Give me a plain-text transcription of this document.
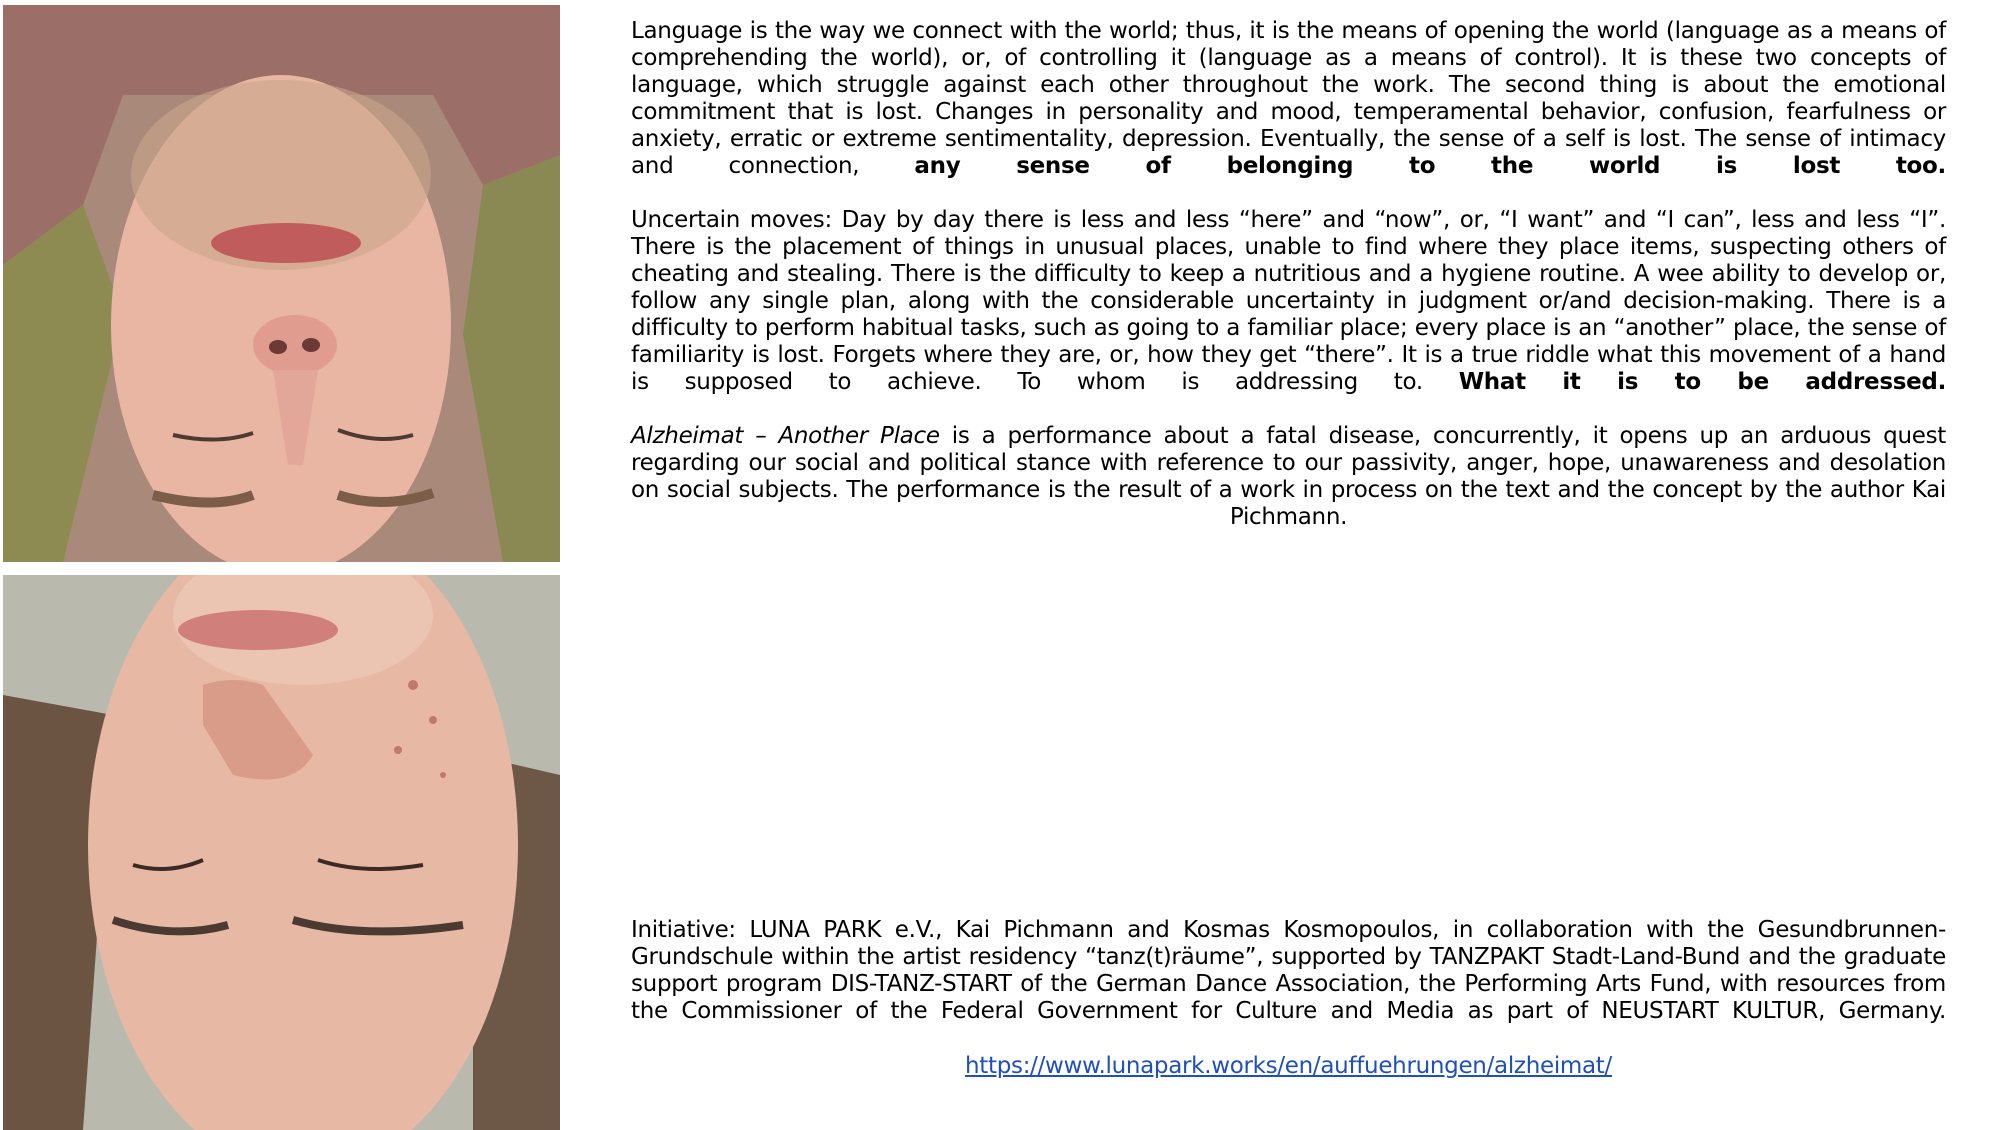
Language is the way we connect with the world; thus, it is the means of opening the world (language as a means of comprehending the world), or, of controlling it (language as a means of control). It is these two concepts of language, which struggle against each other throughout the work. The second thing is about the emotional commitment that is lost. Changes in personality and mood, temperamental behavior, confusion, fearfulness or anxiety, erratic or extreme sentimentality, depression. Eventually, the sense of a self is lost. The sense of intimacy and connection, any sense of belonging to the world is lost too.

Uncertain moves: Day by day there is less and less “here” and “now”, or, “I want” and “I can”, less and less “I”. There is the placement of things in unusual places, unable to find where they place items, suspecting others of cheating and stealing. There is the difficulty to keep a nutritious and a hygiene routine. A wee ability to develop or, follow any single plan, along with the considerable uncertainty in judgment or/and decision-making. There is a difficulty to perform habitual tasks, such as going to a familiar place; every place is an “another” place, the sense of familiarity is lost. Forgets where they are, or, how they get “there”. It is a true riddle what this movement of a hand is supposed to achieve. To whom is addressing to. What it is to be addressed.

Alzheimat – Another Place is a performance about a fatal disease, concurrently, it opens up an arduous quest regarding our social and political stance with reference to our passivity, anger, hope, unawareness and desolation on social subjects. The performance is the result of a work in process on the text and the concept by the author Kai Pichmann.

Initiative: LUNA PARK e.V., Kai Pichmann and Kosmas Kosmopoulos, in collaboration with the Gesundbrunnen-Grundschule within the artist residency “tanz(t)räume”, supported by TANZPAKT Stadt-Land-Bund and the graduate support program DIS-TANZ-START of the German Dance Association, the Performing Arts Fund, with resources from the Commissioner of the Federal Government for Culture and Media as part of NEUSTART KULTUR, Germany.

https://www.lunapark.works/en/auffuehrungen/alzheimat/
